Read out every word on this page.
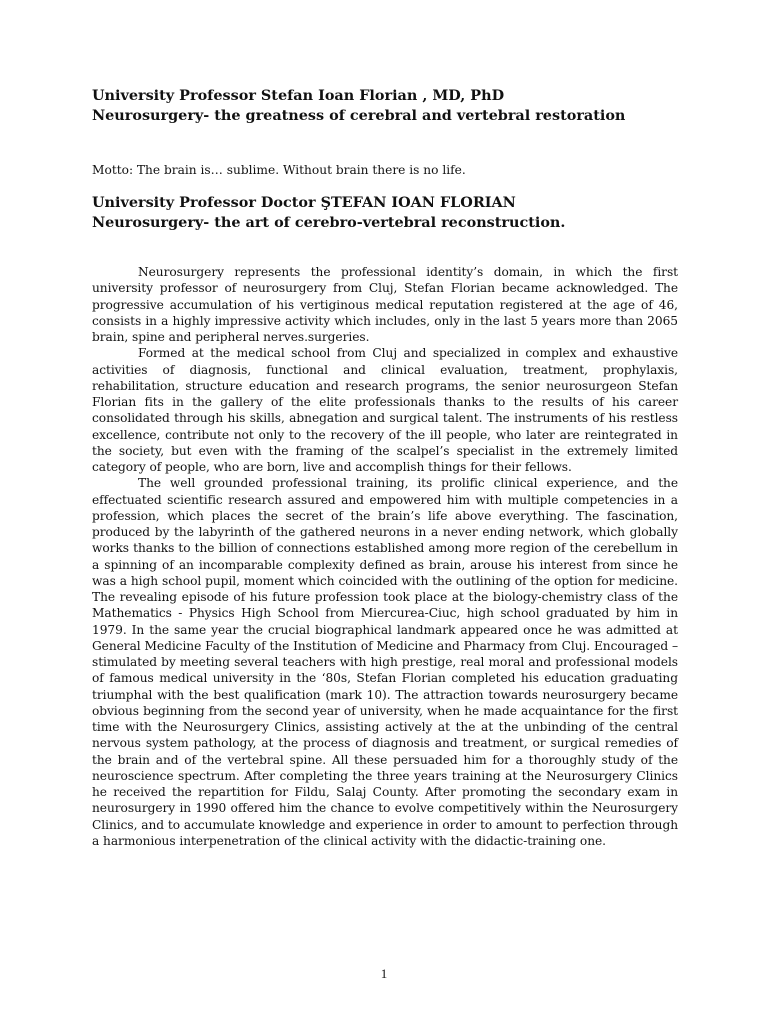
University Professor Stefan Ioan Florian , MD, PhD
Neurosurgery- the greatness of cerebral and vertebral restoration
Motto: The brain is… sublime. Without brain there is no life.
University Professor Doctor ŞTEFAN IOAN FLORIAN
Neurosurgery- the art of cerebro-vertebral reconstruction.

Neurosurgery represents the professional identity’s domain, in which the first university professor of neurosurgery from Cluj, Stefan Florian became acknowledged. The progressive accumulation of his vertiginous medical reputation registered at the age of 46, consists in a highly impressive activity which includes, only in the last 5 years more than 2065 brain, spine and peripheral nerves.surgeries.

Formed at the medical school from Cluj and specialized in complex and exhaustive activities of diagnosis, functional and clinical evaluation, treatment, prophylaxis, rehabilitation, structure education and research programs, the senior neurosurgeon Stefan Florian fits in the gallery of the elite professionals thanks to the results of his career consolidated through his skills, abnegation and surgical talent. The instruments of his restless excellence, contribute not only to the recovery of the ill people, who later are reintegrated in the society, but even with the framing of the scalpel’s specialist in the extremely limited category of people, who are born, live and accomplish things for their fellows.

The well grounded professional training, its prolific clinical experience, and the effectuated scientific research assured and empowered him with multiple competencies in a profession, which places the secret of the brain’s life above everything. The fascination, produced by the labyrinth of the gathered neurons in a never ending network, which globally works thanks to the billion of connections established among more region of the cerebellum in a spinning of an incomparable complexity defined as brain, arouse his interest from since he was a high school pupil, moment which coincided with the outlining of the option for medicine. The revealing episode of his future profession took place at the biology-chemistry class of the Mathematics - Physics High School from Miercurea-Ciuc, high school graduated by him in 1979. In the same year the crucial biographical landmark appeared once he was admitted at General Medicine Faculty of the Institution of Medicine and Pharmacy from Cluj. Encouraged – stimulated by meeting several teachers with high prestige, real moral and professional models of famous medical university in the ‘80s, Stefan Florian completed his education graduating triumphal with the best qualification (mark 10). The attraction towards neurosurgery became obvious beginning from the second year of university, when he made acquaintance for the first time with the Neurosurgery Clinics, assisting actively at the at the unbinding of the central nervous system pathology, at the process of diagnosis and treatment, or surgical remedies of the brain and of the vertebral spine. All these persuaded him for a thoroughly study of the neuroscience spectrum. After completing the three years training at the Neurosurgery Clinics he received the repartition for Fildu, Salaj County. After promoting the secondary exam in neurosurgery in 1990 offered him the chance to evolve competitively within the Neurosurgery Clinics, and to accumulate knowledge and experience in order to amount to perfection through a harmonious interpenetration of the clinical activity with the didactic-training one.

1
